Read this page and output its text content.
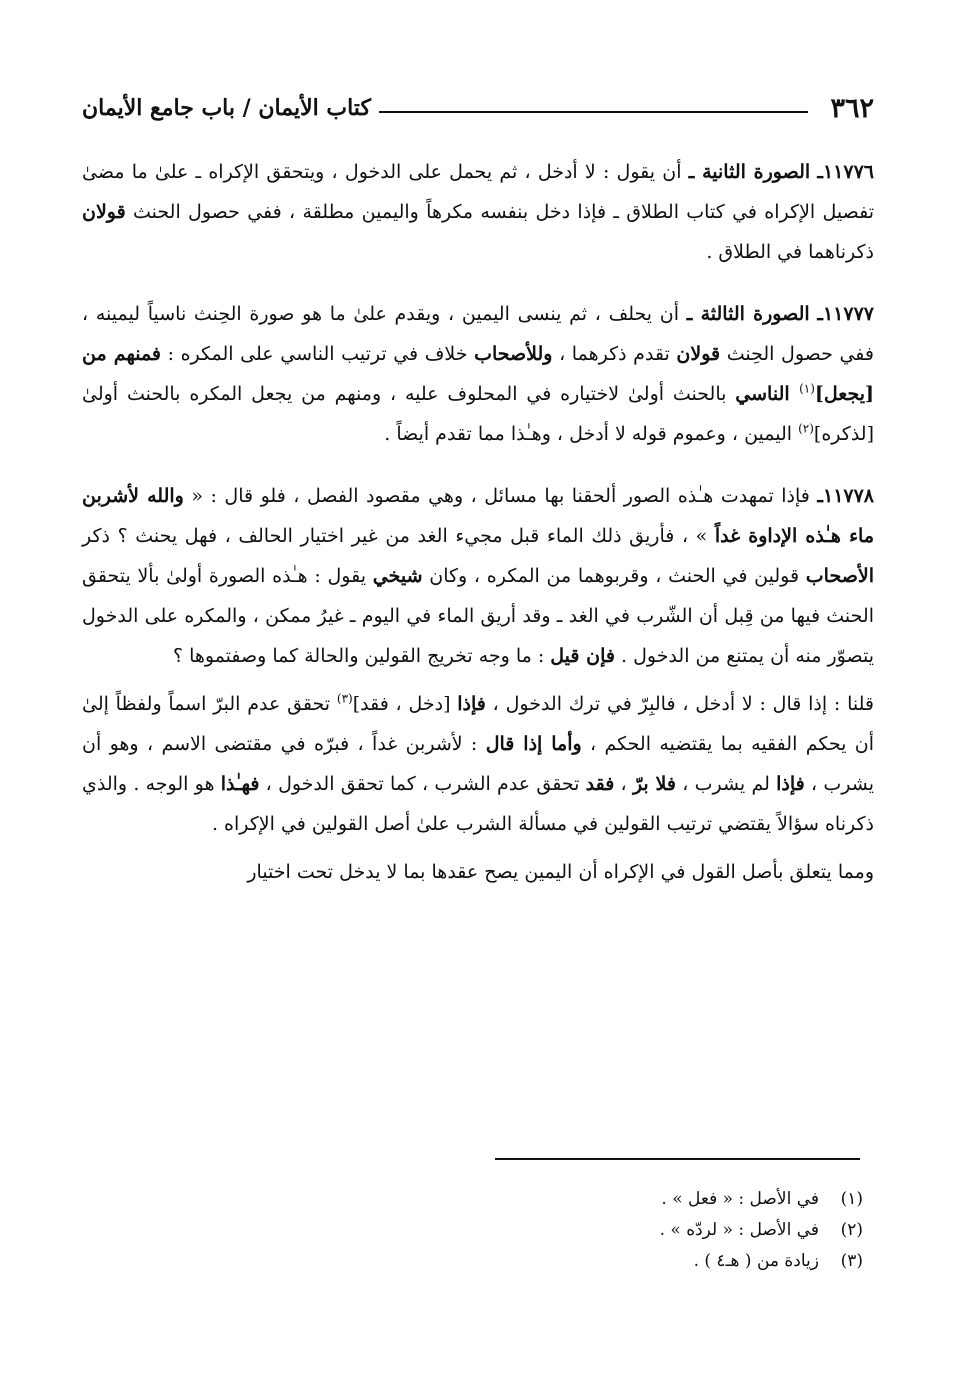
٣٦٢
كتاب الأيمان / باب جامع الأيمان

١١٧٧٦ـ الصورة الثانية ـ أن يقول : لا أدخل ، ثم يحمل على الدخول ، ويتحقق الإكراه ـ علىٰ ما مضىٰ تفصيل الإكراه في كتاب الطلاق ـ فإذا دخل بنفسه مكرهاً واليمين مطلقة ، ففي حصول الحنث قولان ذكرناهما في الطلاق .

١١٧٧٧ـ الصورة الثالثة ـ أن يحلف ، ثم ينسى اليمين ، ويقدم علىٰ ما هو صورة الحِنث ناسياً ليمينه ، ففي حصول الحِنث قولان تقدم ذكرهما ، وللأصحاب خلاف في ترتيب الناسي على المكره : فمنهم من [يجعل]$^{(١)}$ الناسي بالحنث أولىٰ لاختياره في المحلوف عليه ، ومنهم من يجعل المكره بالحنث أولىٰ [لذكره]$^{(٢)}$ اليمين ، وعموم قوله لا أدخل ، وهـٰذا مما تقدم أيضاً .

١١٧٧٨ـ فإذا تمهدت هـٰذه الصور ألحقنا بها مسائل ، وهي مقصود الفصل ، فلو قال : « والله لأشربن ماء هـٰذه الإداوة غداً » ، فأريق ذلك الماء قبل مجيء الغد من غير اختيار الحالف ، فهل يحنث ؟ ذكر الأصحاب قولين في الحنث ، وقربوهما من المكره ، وكان شيخي يقول : هـٰذه الصورة أولىٰ بألا يتحقق الحنث فيها من قِبل أن الشّرب في الغد ـ وقد أريق الماء في اليوم ـ غيرُ ممكن ، والمكره على الدخول يتصوّر منه أن يمتنع من الدخول . فإن قيل : ما وجه تخريج القولين والحالة كما وصفتموها ؟

قلنا : إذا قال : لا أدخل ، فالبِرّ في ترك الدخول ، فإذا [دخل ، فقد]$^{(٣)}$ تحقق عدم البرّ اسماً ولفظاً إلىٰ أن يحكم الفقيه بما يقتضيه الحكم ، وأما إذا قال : لأشربن غداً ، فبرّه في مقتضى الاسم ، وهو أن يشرب ، فإذا لم يشرب ، فلا برّ ، فقد تحقق عدم الشرب ، كما تحقق الدخول ، فهـٰذا هو الوجه . والذي ذكرناه سؤالاً يقتضي ترتيب القولين في مسألة الشرب علىٰ أصل القولين في الإكراه .

ومما يتعلق بأصل القول في الإكراه أن اليمين يصح عقدها بما لا يدخل تحت اختيار

(١)في الأصل : « فعل » .
(٢)في الأصل : « لردّه » .
(٣)زيادة من ( هـ٤ ) .
